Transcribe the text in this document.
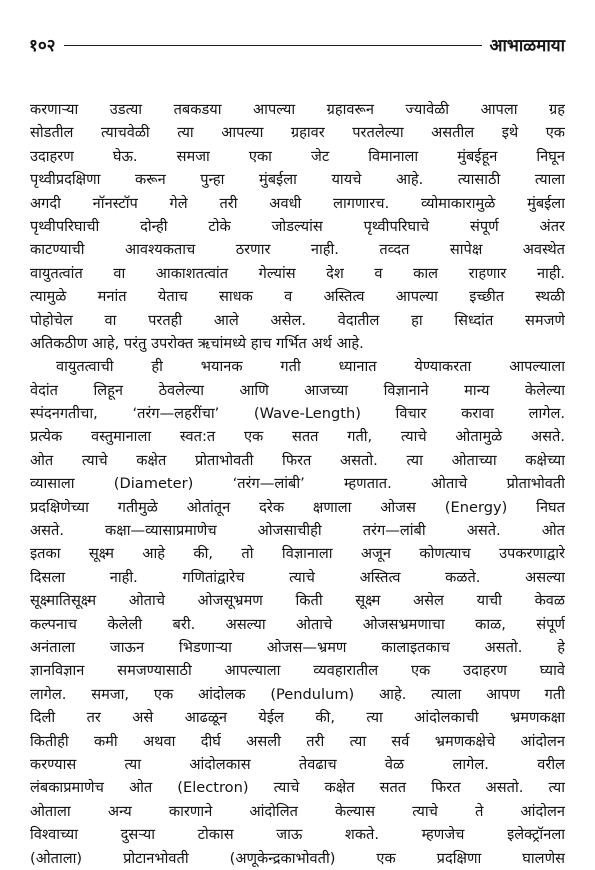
१०२	आभाळमाया
करणाऱ्या उडत्या तबकडया आपल्या ग्रहावरून ज्यावेळी आपला ग्रह
सोडतील त्याचवेळी त्या आपल्या ग्रहावर परतलेल्या असतील इथे एक
उदाहरण घेऊ. समजा एका जेट विमानाला मुंबईहून निघून
पृथ्वीप्रदक्षिणा करून पुन्हा मुंबईला यायचे आहे. त्यासाठी त्याला
अगदी नॉनस्टॉप गेले तरी अवधी लागणारच. व्योमाकारामुळे मुंबईला
पृथ्वीपरिघाची दोन्ही टोके जोडल्यांस पृथ्वीपरिघाचे संपूर्ण अंतर
काटण्याची आवश्यकताच ठरणार नाही. तव्दत सापेक्ष अवस्थेत
वायुतत्वांत वा आकाशतत्वांत गेल्यांस देश व काल राहणार नाही.
त्यामुळे मनांत येताच साधक व अस्तित्व आपल्या इच्छीत स्थळी
पोहोचेल वा परतही आले असेल. वेदातील हा सिध्दांत समजणे
अतिकठीण आहे, परंतु उपरोक्त ऋचांमध्ये हाच गर्भित अर्थ आहे.
वायुतत्वाची ही भयानक गती ध्यानात येण्याकरता आपल्याला
वेदांत लिहून ठेवलेल्या आणि आजच्या विज्ञानाने मान्य केलेल्या
स्पंदनगतीचा, ‘तरंग—लहरींचा’ (Wave-Length) विचार करावा लागेल.
प्रत्येक वस्तुमानाला स्वत:त एक सतत गती, त्याचे ओतामुळे असते.
ओत त्याचे कक्षेत प्रोताभोवती फिरत असतो. त्या ओताच्या कक्षेच्या
व्यासाला (Diameter) ‘तरंग—लांबी’ म्हणतात. ओताचे प्रोताभोवती
प्रदक्षिणेच्या गतीमुळे ओतांतून दरेक क्षणाला ओजस (Energy) निघत
असते. कक्षा—व्यासाप्रमाणेच ओजसाचीही तरंग—लांबी असते. ओत
इतका सूक्ष्म आहे की, तो विज्ञानाला अजून कोणत्याच उपकरणाद्वारे
दिसला नाही. गणितांद्वारेच त्याचे अस्तित्व कळते. असल्या
सूक्ष्मातिसूक्ष्म ओताचे ओजसूभ्रमण किती सूक्ष्म असेल याची केवळ
कल्पनाच केलेली बरी. असल्या ओताचे ओजसभ्रमणाचा काळ, संपूर्ण
अनंताला जाऊन भिडणाऱ्या ओजस—भ्रमण कालाइतकाच असतो. हे
ज्ञानविज्ञान समजण्यासाठी आपल्याला व्यवहारातील एक उदाहरण घ्यावे
लागेल. समजा, एक आंदोलक (Pendulum) आहे. त्याला आपण गती
दिली तर असे आढळून येईल की, त्या आंदोलकाची भ्रमणकक्षा
कितीही कमी अथवा दीर्घ असली तरी त्या सर्व भ्रमणकक्षेचे आंदोलन
करण्यास त्या आंदोलकास तेवढाच वेळ लागेल. वरील
लंबकाप्रमाणेच ओत (Electron) त्याचे कक्षेत सतत फिरत असतो. त्या
ओताला अन्य कारणाने आंदोलित केल्यास त्याचे ते आंदोलन
विश्वाच्या दुसऱ्या टोकास जाऊ शकते. म्हणजेच इलेक्ट्रॉनला
(ओताला) प्रोटानभोवती (अणूकेन्द्रकाभोवती) एक प्रदक्षिणा घालणेस
